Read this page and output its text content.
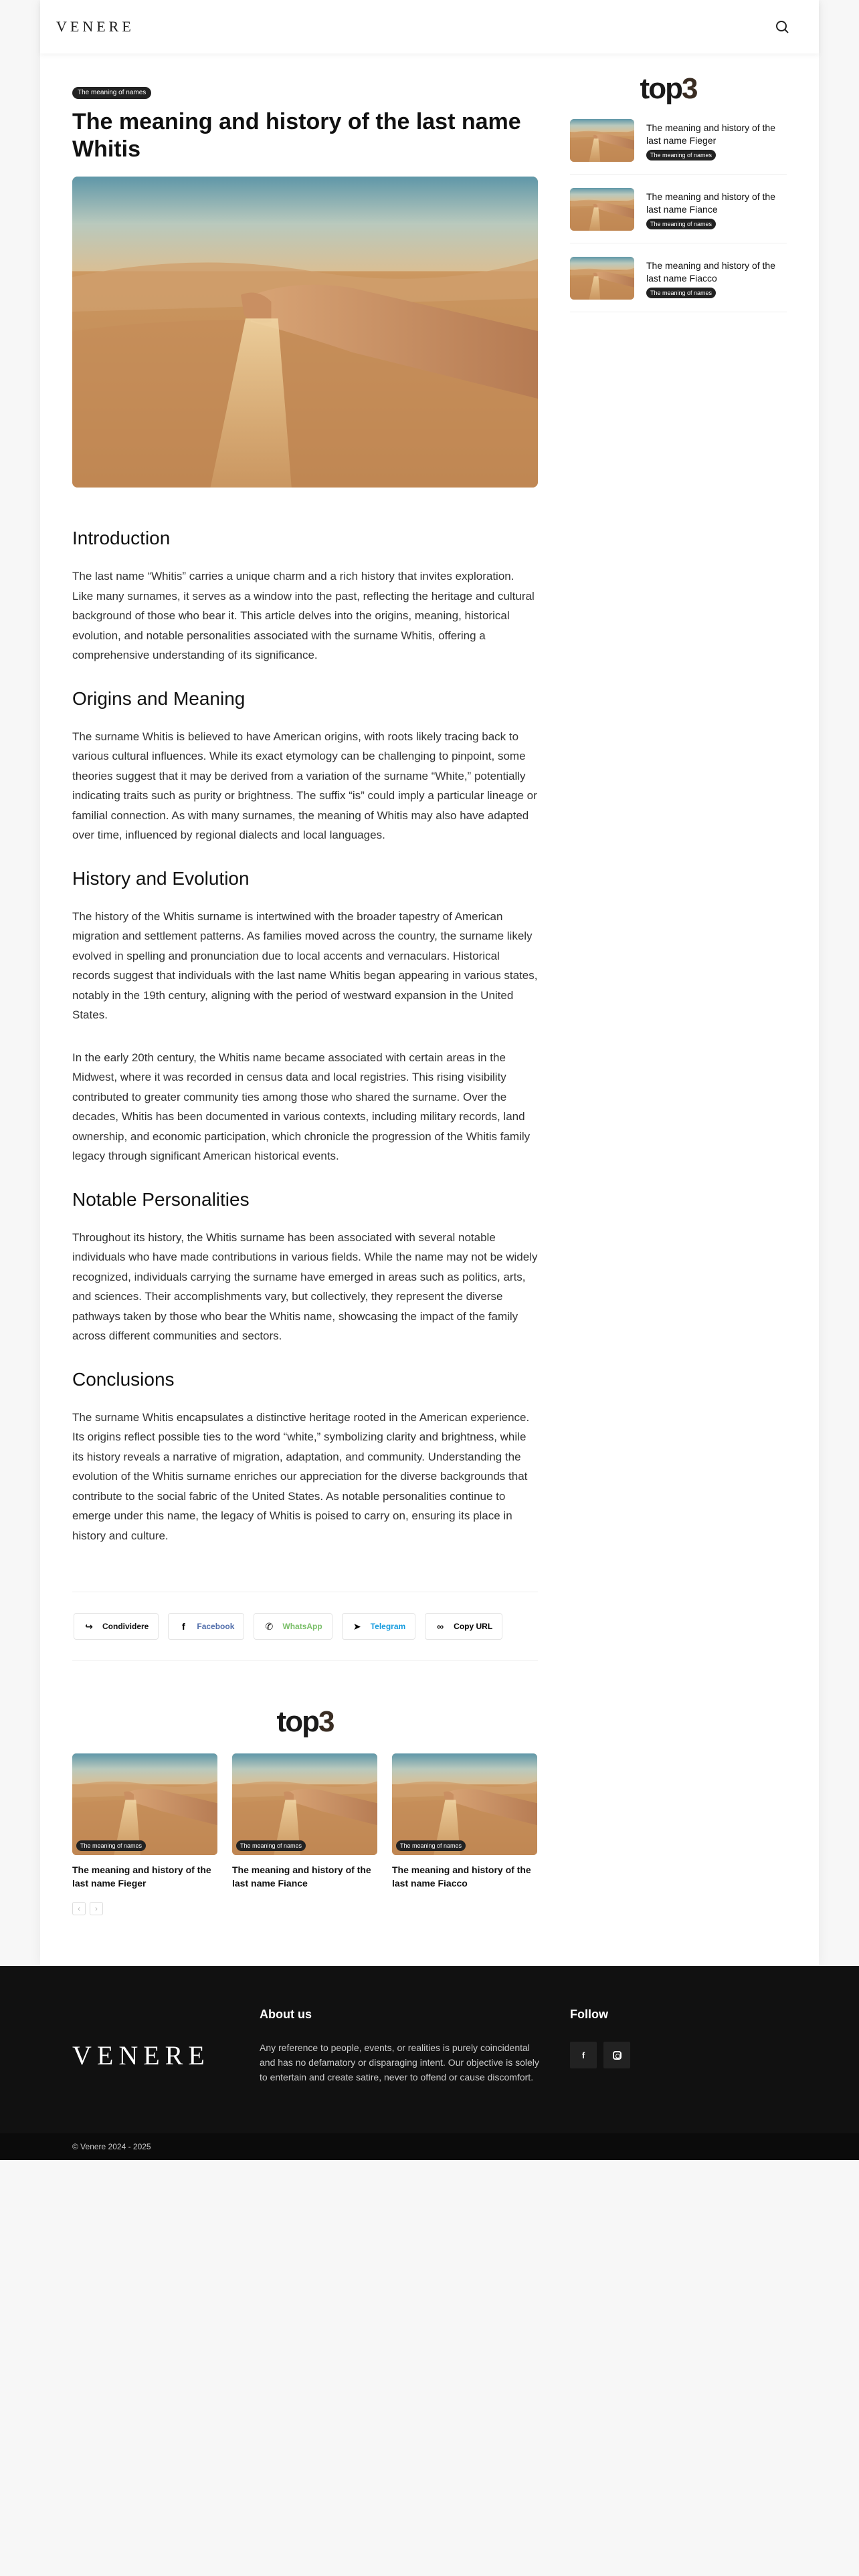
VENERE
The meaning of names
The meaning and history of the last name Whitis
Introduction

The last name “Whitis” carries a unique charm and a rich history that invites exploration. Like many surnames, it serves as a window into the past, reflecting the heritage and cultural background of those who bear it. This article delves into the origins, meaning, historical evolution, and notable personalities associated with the surname Whitis, offering a comprehensive understanding of its significance.

Origins and Meaning

The surname Whitis is believed to have American origins, with roots likely tracing back to various cultural influences. While its exact etymology can be challenging to pinpoint, some theories suggest that it may be derived from a variation of the surname “White,” potentially indicating traits such as purity or brightness. The suffix “is” could imply a particular lineage or familial connection. As with many surnames, the meaning of Whitis may also have adapted over time, influenced by regional dialects and local languages.

History and Evolution

The history of the Whitis surname is intertwined with the broader tapestry of American migration and settlement patterns. As families moved across the country, the surname likely evolved in spelling and pronunciation due to local accents and vernaculars. Historical records suggest that individuals with the last name Whitis began appearing in various states, notably in the 19th century, aligning with the period of westward expansion in the United States.

In the early 20th century, the Whitis name became associated with certain areas in the Midwest, where it was recorded in census data and local registries. This rising visibility contributed to greater community ties among those who shared the surname. Over the decades, Whitis has been documented in various contexts, including military records, land ownership, and economic participation, which chronicle the progression of the Whitis family legacy through significant American historical events.

Notable Personalities

Throughout its history, the Whitis surname has been associated with several notable individuals who have made contributions in various fields. While the name may not be widely recognized, individuals carrying the surname have emerged in areas such as politics, arts, and sciences. Their accomplishments vary, but collectively, they represent the diverse pathways taken by those who bear the Whitis name, showcasing the impact of the family across different communities and sectors.

Conclusions

The surname Whitis encapsulates a distinctive heritage rooted in the American experience. Its origins reflect possible ties to the word “white,” symbolizing clarity and brightness, while its history reveals a narrative of migration, adaptation, and community. Understanding the evolution of the Whitis surname enriches our appreciation for the diverse backgrounds that contribute to the social fabric of the United States. As notable personalities continue to emerge under this name, the legacy of Whitis is poised to carry on, ensuring its place in history and culture.

↪ Condividere	f	Facebook	✆ WhatsApp	➤ Telegram	∞ Copy URL
top3
The meaning of names
The meaning and history of the last name Fieger
The meaning of names
The meaning and history of the last name Fiance
The meaning of names
The meaning and history of the last name Fiacco
‹	›
top3
The meaning and history of the last name Fieger
The meaning of names
The meaning and history of the last name Fiance
The meaning of names
The meaning and history of the last name Fiacco
The meaning of names
VENERE
About us

Any reference to people, events, or realities is purely coincidental and has no defamatory or disparaging intent. Our objective is solely to entertain and create satire, never to offend or cause discomfort.

Follow
f
© Venere 2024 - 2025
